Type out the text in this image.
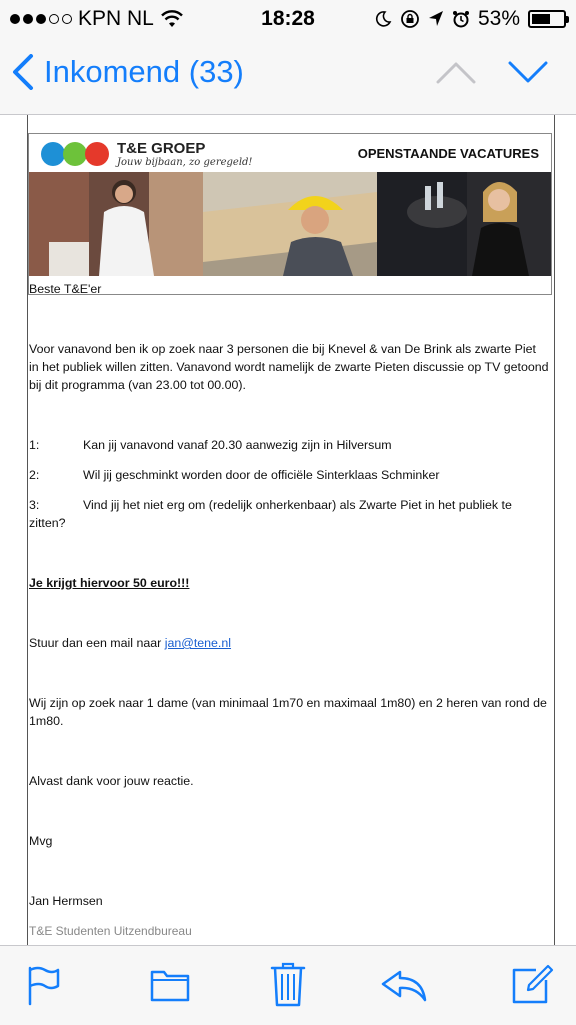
KPN NL	18:28	53%
Inkomend (33)
T&E GROEP
Jouw bijbaan, zo geregeld!
OPENSTAANDE VACATURES

Beste T&E'er

Voor vanavond ben ik op zoek naar 3 personen die bij Knevel & van De Brink als zwarte Piet in het publiek willen zitten. Vanavond wordt namelijk de zwarte Pieten discussie op TV getoond bij dit programma (van 23.00 tot 00.00).

1:	Kan jij vanavond vanaf 20.30 aanwezig zijn in Hilversum

2:	Wil jij geschminkt worden door de officiële Sinterklaas Schminker

3:	Vind jij het niet erg om (redelijk onherkenbaar) als Zwarte Piet in het publiek te zitten?

Je krijgt hiervoor 50 euro!!!

Stuur dan een mail naar jan@tene.nl

Wij zijn op zoek naar 1 dame (van minimaal 1m70 en maximaal 1m80) en 2 heren van rond de 1m80.

Alvast dank voor jouw reactie.

Mvg

Jan Hermsen

T&E Studenten Uitzendbureau
